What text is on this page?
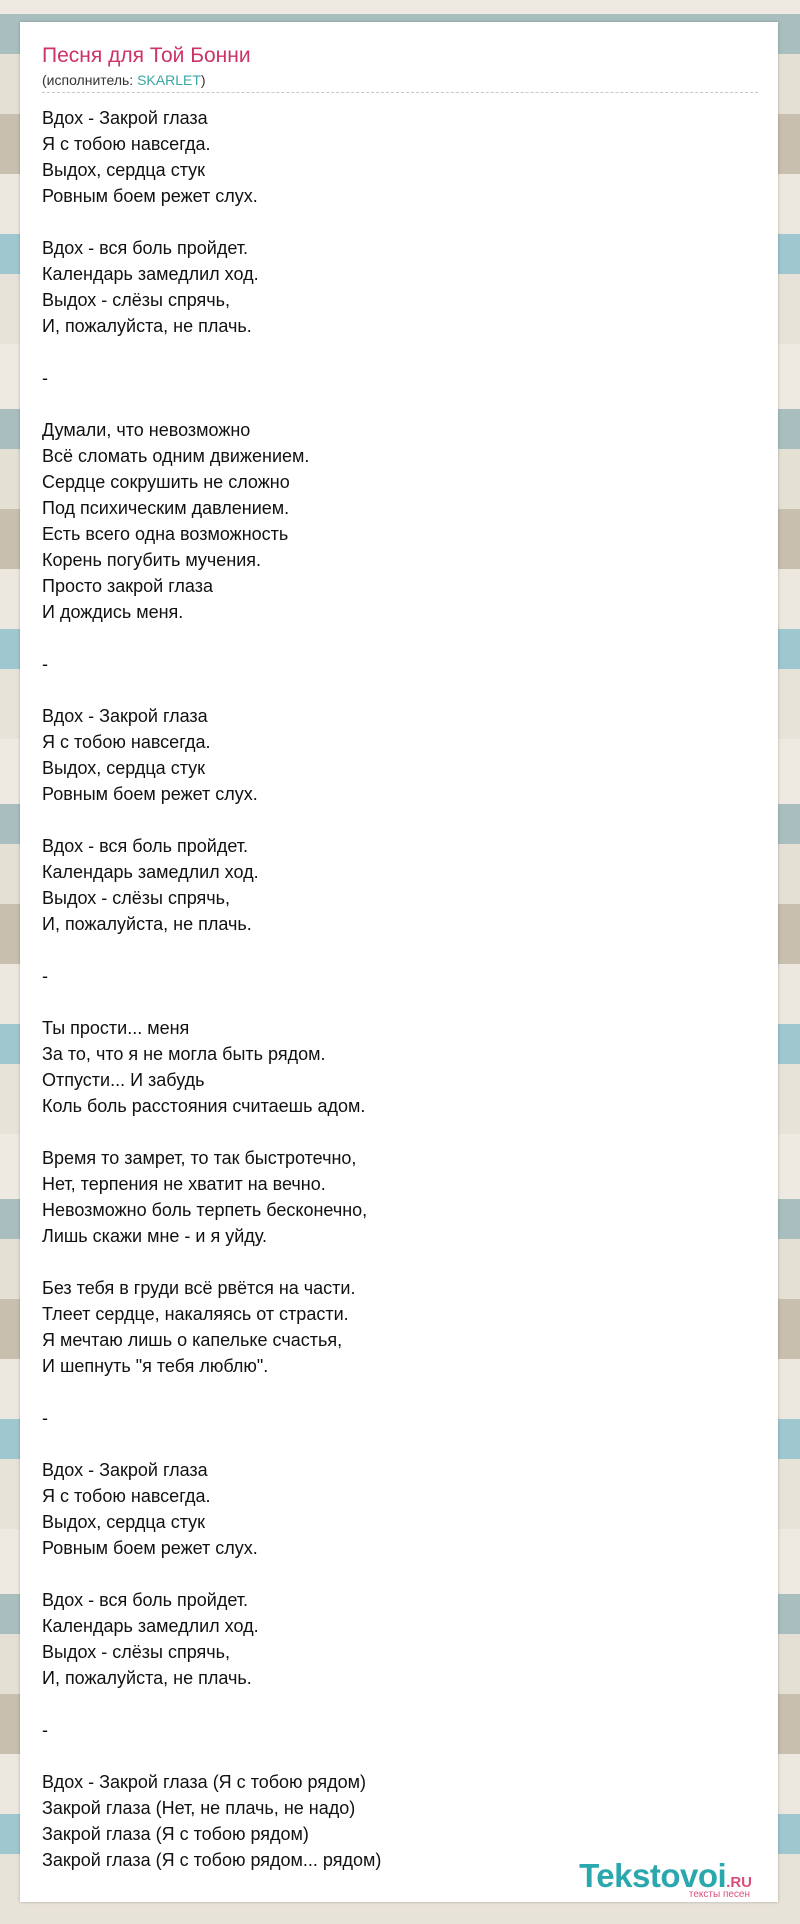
Песня для Той Бонни
(исполнитель: SKARLET)
Вдох - Закрой глаза
Я с тобою навсегда.
Выдох, сердца стук
Ровным боем режет слух.
Вдох - вся боль пройдет.
Календарь замедлил ход.
Выдох - слёзы спрячь,
И, пожалуйста, не плачь.
-
Думали, что невозможно
Всё сломать одним движением.
Сердце сокрушить не сложно
Под психическим давлением.
Есть всего одна возможность
Корень погубить мучения.
Просто закрой глаза
И дождись меня.
-
Вдох - Закрой глаза
Я с тобою навсегда.
Выдох, сердца стук
Ровным боем режет слух.
Вдох - вся боль пройдет.
Календарь замедлил ход.
Выдох - слёзы спрячь,
И, пожалуйста, не плачь.
-
Ты прости... меня
За то, что я не могла быть рядом.
Отпусти... И забудь
Коль боль расстояния считаешь адом.
Время то замрет, то так быстротечно,
Нет, терпения не хватит на вечно.
Невозможно боль терпеть бесконечно,
Лишь скажи мне - и я уйду.
Без тебя в груди всё рвётся на части.
Тлеет сердце, накаляясь от страсти.
Я мечтаю лишь о капельке счастья,
И шепнуть "я тебя люблю".
-
Вдох - Закрой глаза
Я с тобою навсегда.
Выдох, сердца стук
Ровным боем режет слух.
Вдох - вся боль пройдет.
Календарь замедлил ход.
Выдох - слёзы спрячь,
И, пожалуйста, не плачь.
-
Вдох - Закрой глаза (Я с тобою рядом)
Закрой глаза (Нет, не плачь, не надо)
Закрой глаза (Я с тобою рядом)
Закрой глаза (Я с тобою рядом... рядом)	Tekstovoi.RU
тексты песен
